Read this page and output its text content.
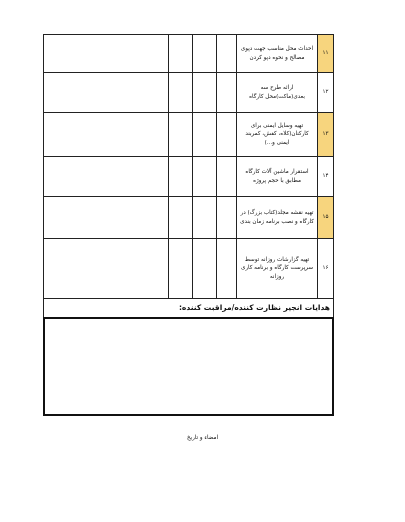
۱۱	احداث محل مناسب جهت دپوی مصالح و نحوه دپو کردن				
۱۲	ارائه طرح سه بعدی(ماکت)محل کارگاه				
۱۳	تهیه وسایل ایمنی برای کارکنان(کلاه، کفش، کمربند ایمنی و...)				
۱۴	استقرار ماشین آلات کارگاه مطابق با حجم پروژه				
۱۵	تهیه نقشه مجلد(کتاب بزرگ) در کارگاه و نصب برنامه زمان بندی				
۱۶	تهیه گزارشات روزانه توسط سرپرست کارگاه و برنامه کاری روزانه				
هدایات انجیر نظارت کننده/مراقبت کننده:
امضاء و تاریخ
